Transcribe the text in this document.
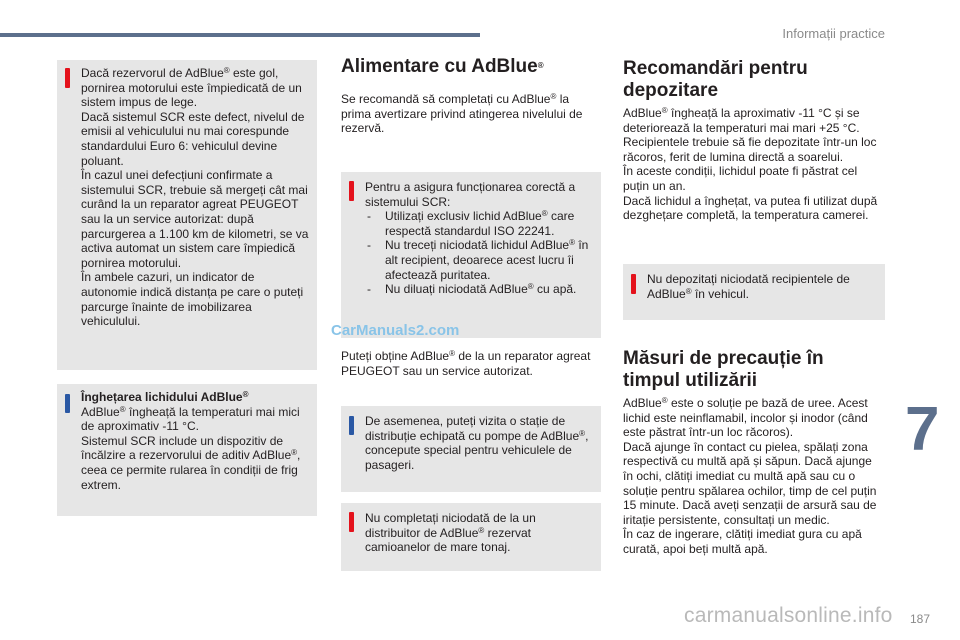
Informații practice

Dacă rezervorul de AdBlue® este gol, pornirea motorului este împiedicată de un sistem impus de lege.

Dacă sistemul SCR este defect, nivelul de emisii al vehiculului nu mai corespunde standardului Euro 6: vehiculul devine poluant.

În cazul unei defecțiuni confirmate a sistemului SCR, trebuie să mergeți cât mai curând la un reparator agreat PEUGEOT sau la un service autorizat: după parcurgerea a 1.100 km de kilometri, se va activa automat un sistem care împiedică pornirea motorului.

În ambele cazuri, un indicator de autonomie indică distanța pe care o puteți parcurge înainte de imobilizarea vehiculului.

Înghețarea lichidului AdBlue®

AdBlue® îngheață la temperaturi mai mici de aproximativ -11 °C.

Sistemul SCR include un dispozitiv de încălzire a rezervorului de aditiv AdBlue®, ceea ce permite rularea în condiții de frig extrem.

Alimentare cu AdBlue®

Se recomandă să completați cu AdBlue® la prima avertizare privind atingerea nivelului de rezervă.

Pentru a asigura funcționarea corectă a sistemului SCR:

- Utilizați exclusiv lichid AdBlue® care respectă standardul ISO 22241.
- Nu treceți niciodată lichidul AdBlue® în alt recipient, deoarece acest lucru îi afectează puritatea.
- Nu diluați niciodată AdBlue® cu apă.

Puteți obține AdBlue® de la un reparator agreat PEUGEOT sau un service autorizat.

De asemenea, puteți vizita o stație de distribuție echipată cu pompe de AdBlue®, concepute special pentru vehiculele de pasageri.

Nu completați niciodată de la un distribuitor de AdBlue® rezervat camioanelor de mare tonaj.

Recomandări pentru depozitare

AdBlue® îngheață la aproximativ -11 °C și se deteriorează la temperaturi mai mari +25 °C.

Recipientele trebuie să fie depozitate într-un loc răcoros, ferit de lumina directă a soarelui.

În aceste condiții, lichidul poate fi păstrat cel puțin un an.

Dacă lichidul a înghețat, va putea fi utilizat după dezghețare completă, la temperatura camerei.

Nu depozitați niciodată recipientele de AdBlue® în vehicul.

Măsuri de precauție în timpul utilizării

AdBlue® este o soluție pe bază de uree. Acest lichid este neinflamabil, incolor și inodor (când este păstrat într-un loc răcoros).

Dacă ajunge în contact cu pielea, spălați zona respectivă cu multă apă și săpun. Dacă ajunge în ochi, clătiți imediat cu multă apă sau cu o soluție pentru spălarea ochilor, timp de cel puțin 15 minute. Dacă aveți senzații de arsură sau de iritație persistente, consultați un medic.

În caz de ingerare, clătiți imediat gura cu apă curată, apoi beți multă apă.

7
CarManuals2.com
carmanualsonline.info 187
